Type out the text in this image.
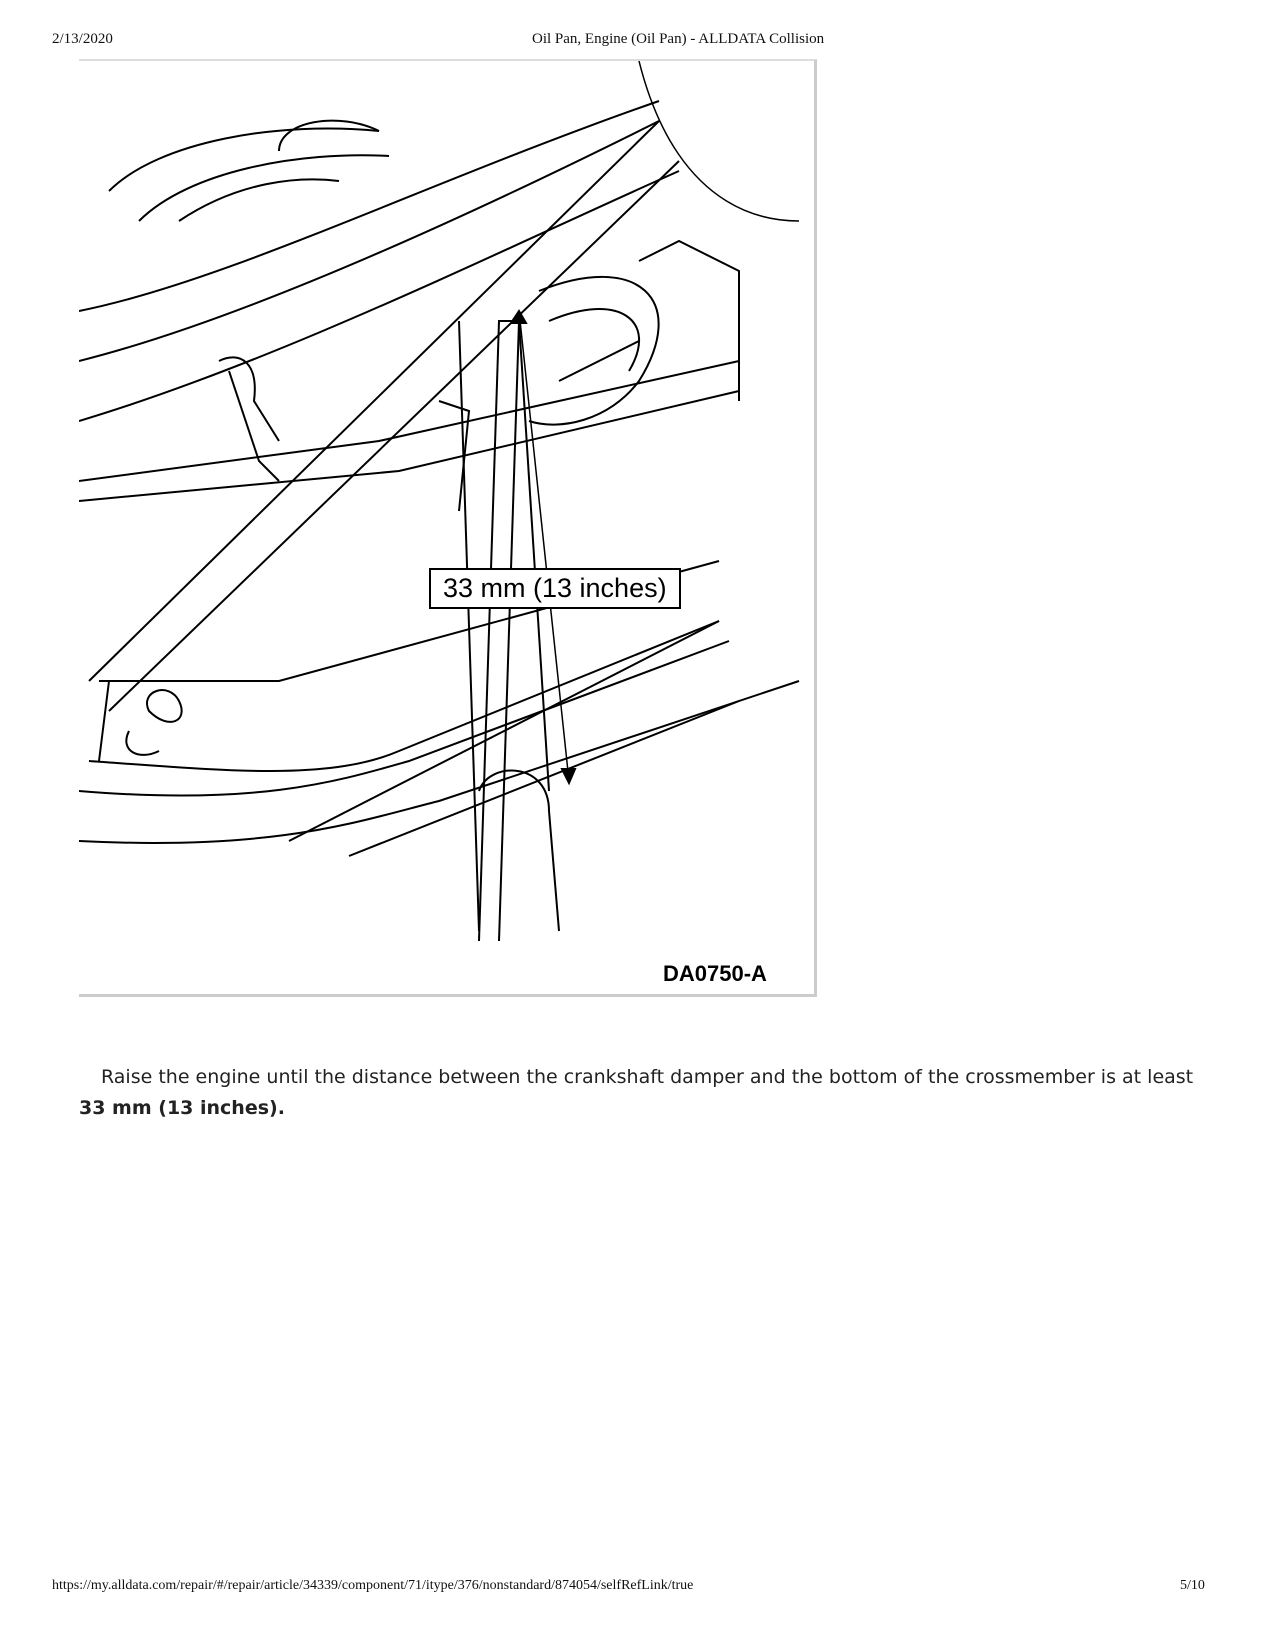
2/13/2020	Oil Pan, Engine (Oil Pan) - ALLDATA Collision
33 mm (13 inches)
DA0750-A
Raise the engine until the distance between the crankshaft damper and the bottom of the crossmember is at least 33 mm (13 inches).
https://my.alldata.com/repair/#/repair/article/34339/component/71/itype/376/nonstandard/874054/selfRefLink/true	5/10
